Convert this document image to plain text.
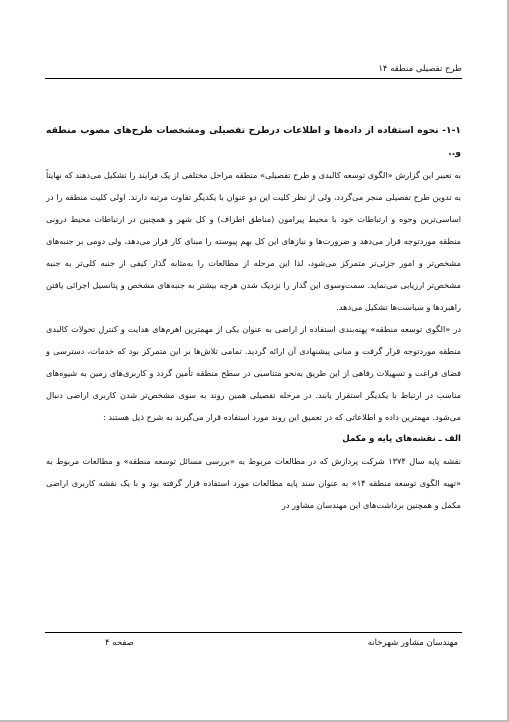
طرح تفصیلی منطقه ۱۴

۱-۱- نحوه استفاده از داده‌ها و اطلاعات درطرح تفصیلی ومشخصات طرح‌های مصوب منطقه و..

به تعبیر این گزارش «الگوی توسعه کالبدی و طرح تفصیلی» منطقه مراحل مختلفی از یک فرایند را تشکیل می‌دهند که نهایتاً به تدوین طرح تفصیلی منجر می‌گردد، ولی از نظر کلیت این دو عنوان با یکدیگر تفاوت مرتبه دارند. اولی کلیت منطقه را در اساسی‌ترین وجوه و ارتباطات خود با محیط پیرامون (مناطق اطراف) و کل شهر و همچنین در ارتباطات محیط درونی منطقه موردتوجه قرار می‌دهد و ضرورت‌ها و نیازهای این کل بهم پیوسته را مبنای کار قرار می‌دهد، ولی دومی بر جنبه‌های مشخص‌تر و امور جزئی‌تر متمرکز می‌شود، لذا این مرحله از مطالعات را به‌مثابه گذار کیفی از جنبه کلی‌تر به جنبه مشخص‌تر ارزیابی می‌نماید. سمت‌وسوی این گذار را نزدیک شدن هرچه بیشتر به جنبه‌های مشخص و پتانسیل اجرائی یافتن راهبردها و سیاست‌ها تشکیل می‌دهد.

در «الگوی توسعه منطقه» پهنه‌بندی استفاده از اراضی به عنوان یکی از مهمترین اهرم‌های هدایت و کنترل تحولات کالبدی منطقه موردتوجه قرار گرفت و مبانی پیشنهادی آن ارائه گردید. تمامی تلاش‌ها بر این متمرکز بود که خدمات، دسترسی و فضای فراغت و تسهیلات رفاهی از این طریق به‌نحو متناسبی در سطح منطقه تأمین گردد و کاربری‌های زمین به شیوه‌های مناسب در ارتباط با یکدیگر استقرار یابند. در مرحله تفصیلی همین روند به سوی مشخص‌تر شدن کاربری اراضی دنبال می‌شود. مهمترین داده و اطلاعاتی که در تعمیق این روند مورد استفاده قرار می‌گیرند به شرح ذیل هستند :

الف ـ نقشه‌های پایه و مکمل

نقشه پایه سال ۱۳۷۴ شرکت پردازش که در مطالعات مربوط به «بررسی مسائل توسعه منطقه» و مطالعات مربوط به «تهیه الگوی توسعه منطقه ۱۴» به عنوان سند پایه مطالعات مورد استفاده قرار گرفته بود و با یک نقشه کاربری اراضی مکمل و همچنین برداشت‌های این مهندسان مشاور در

مهندسان مشاور شهرخانه
صفحه ۴
